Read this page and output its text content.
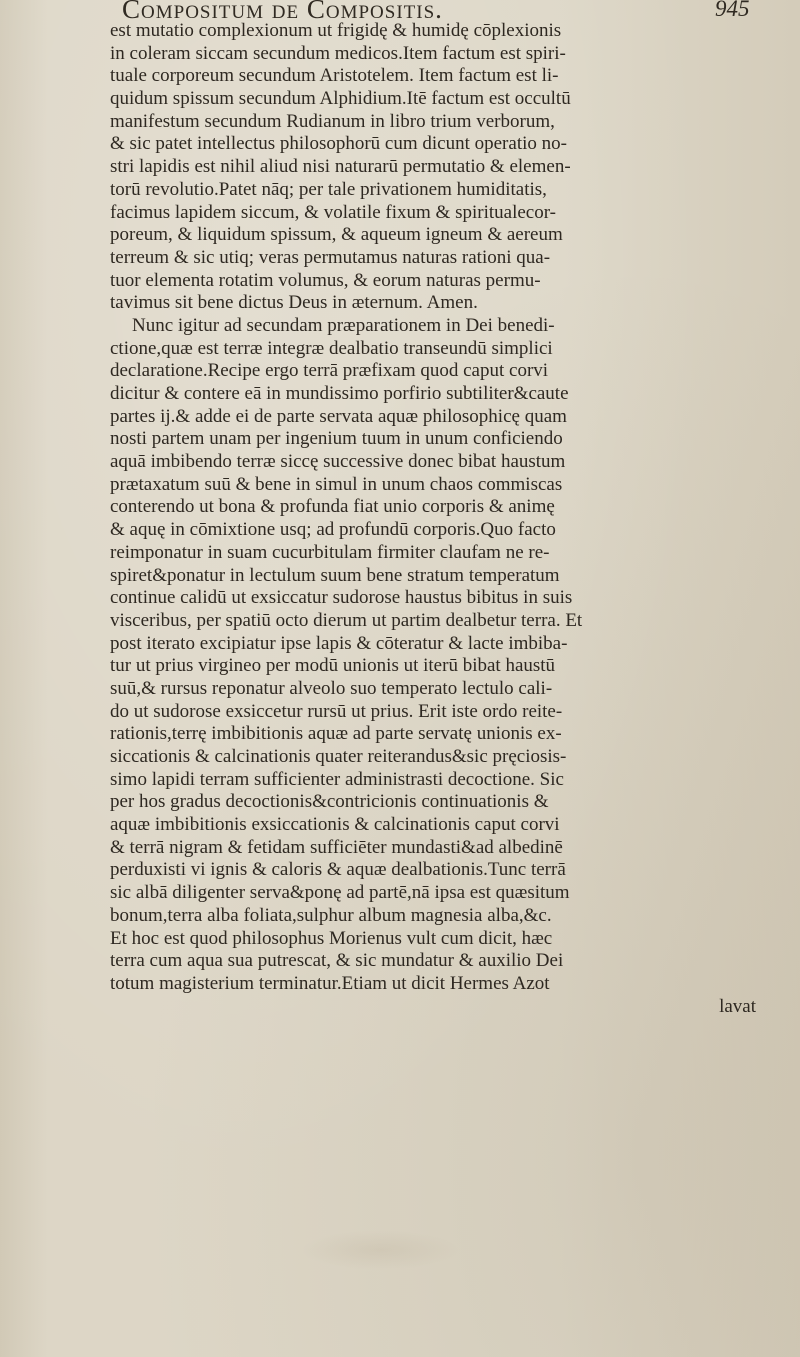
Compositum de Compositis.	945
est mutatio complexionum ut frigidę & humidę cōplexionis
in coleram siccam secundum medicos.Item factum est spiri-
tuale corporeum secundum Aristotelem. Item factum est li-
quidum spissum secundum Alphidium.Itē factum est occultū
manifestum secundum Rudianum in libro trium verborum,
& sic patet intellectus philosophorū cum dicunt operatio no-
stri lapidis est nihil aliud nisi naturarū permutatio & elemen-
torū revolutio.Patet nāq; per tale privationem humiditatis,
facimus lapidem siccum, & volatile fixum & spiritualecor-
poreum, & liquidum spissum, & aqueum igneum & aereum
terreum & sic utiq; veras permutamus naturas rationi qua-
tuor elementa rotatim volumus, & eorum naturas permu-
tavimus sit bene dictus Deus in æternum. Amen.
Nunc igitur ad secundam præparationem in Dei benedi-
ctione,quæ est terræ integræ dealbatio transeundū simplici
declaratione.Recipe ergo terrā præfixam quod caput corvi
dicitur & contere eā in mundissimo porfirio subtiliter&caute
partes ij.& adde ei de parte servata aquæ philosophicę quam
nosti partem unam per ingenium tuum in unum conficiendo
aquā imbibendo terræ siccę successive donec bibat haustum
prætaxatum suū & bene in simul in unum chaos commiscas
conterendo ut bona & profunda fiat unio corporis & animę
& aquę in cōmixtione usq; ad profundū corporis.Quo facto
reimponatur in suam cucurbitulam firmiter claufam ne re-
spiret&ponatur in lectulum suum bene stratum temperatum
continue calidū ut exsiccatur sudorose haustus bibitus in suis
visceribus, per spatiū octo dierum ut partim dealbetur terra. Et
post iterato excipiatur ipse lapis & cōteratur & lacte imbiba-
tur ut prius virgineo per modū unionis ut iterū bibat haustū
suū,& rursus reponatur alveolo suo temperato lectulo cali-
do ut sudorose exsiccetur rursū ut prius. Erit iste ordo reite-
rationis,terrę imbibitionis aquæ ad parte servatę unionis ex-
siccationis & calcinationis quater reiterandus&sic pręciosis-
simo lapidi terram sufficienter administrasti decoctione. Sic
per hos gradus decoctionis&contricionis continuationis &
aquæ imbibitionis exsiccationis & calcinationis caput corvi
& terrā nigram & fetidam sufficiēter mundasti&ad albedinē
perduxisti vi ignis & caloris & aquæ dealbationis.Tunc terrā
sic albā diligenter serva&ponę ad partē,nā ipsa est quæsitum
bonum,terra alba foliata,sulphur album magnesia alba,&c.
Et hoc est quod philosophus Morienus vult cum dicit, hæc
terra cum aqua sua putrescat, & sic mundatur & auxilio Dei
totum magisterium terminatur.Etiam ut dicit Hermes Azot
lavat
